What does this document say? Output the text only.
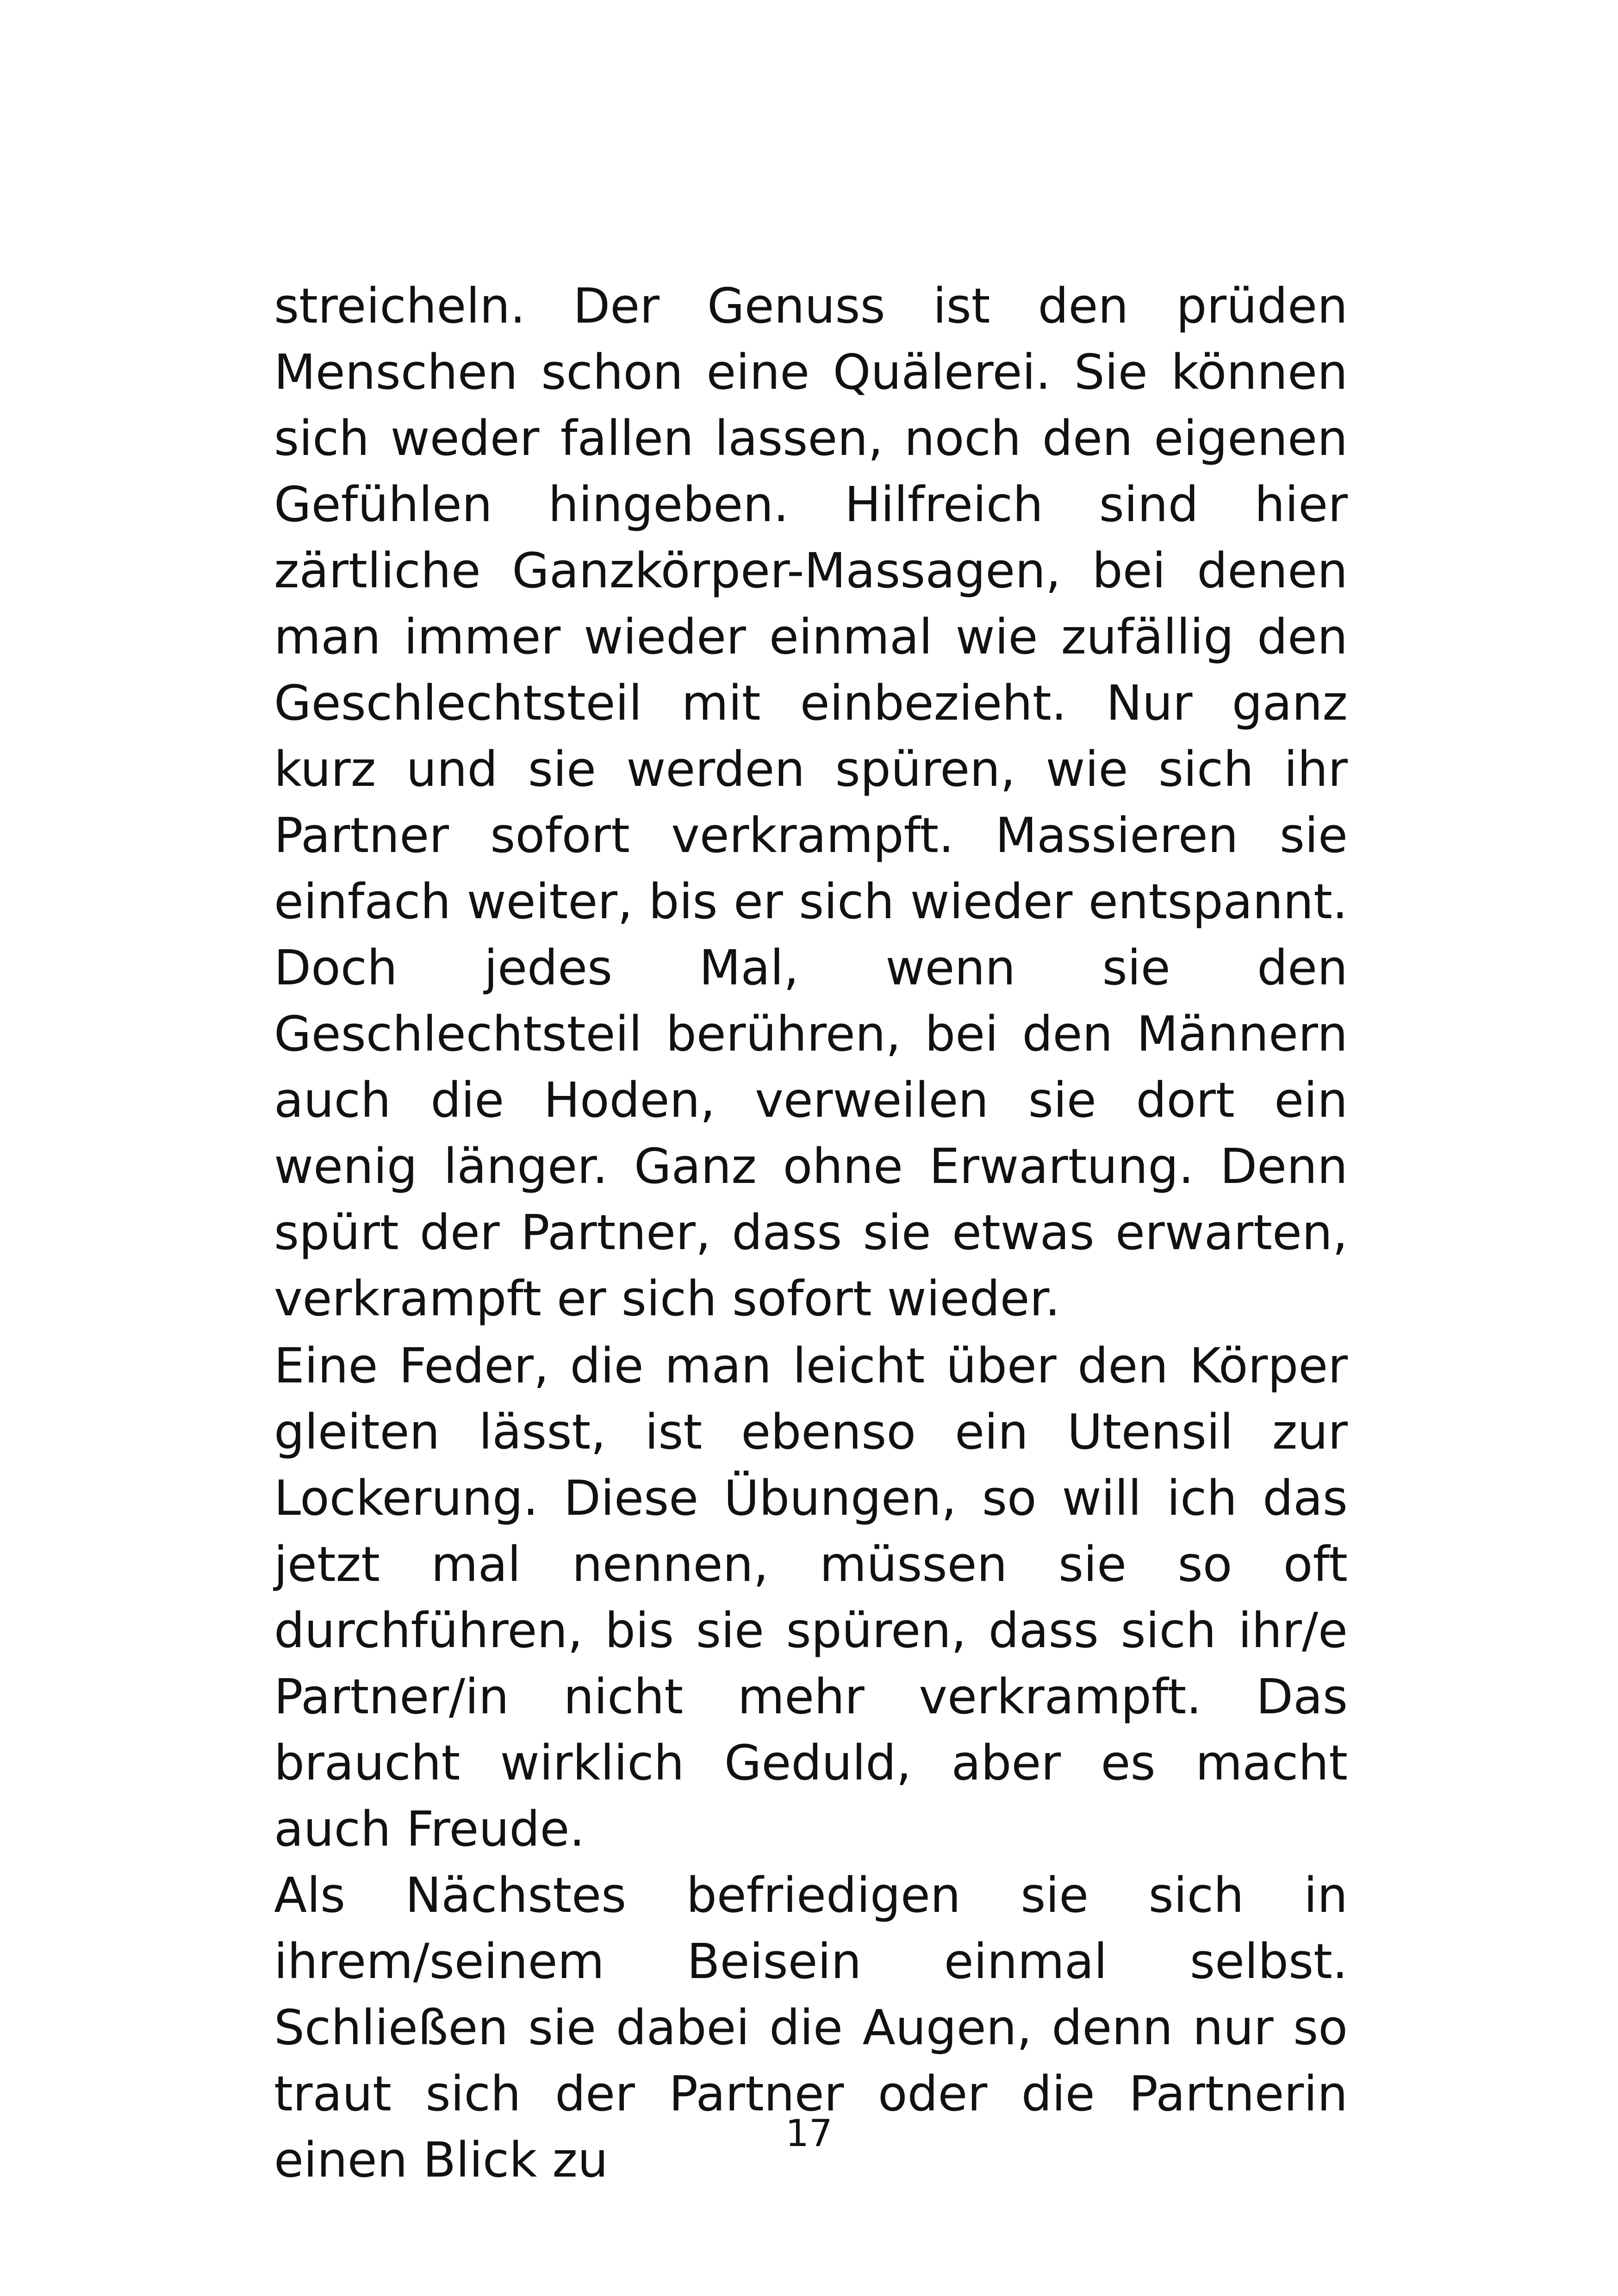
streicheln. Der Genuss ist den prüden Menschen schon eine Quälerei. Sie können sich weder fallen lassen, noch den eigenen Gefühlen hingeben. Hilfreich sind hier zärtliche Ganzkörper-Massagen, bei denen man immer wieder einmal wie zufällig den Geschlechtsteil mit einbezieht. Nur ganz kurz und sie werden spüren, wie sich ihr Partner sofort verkrampft. Massieren sie einfach weiter, bis er sich wieder entspannt. Doch jedes Mal, wenn sie den Geschlechtsteil berühren, bei den Männern auch die Hoden, verweilen sie dort ein wenig länger. Ganz ohne Erwartung. Denn spürt der Partner, dass sie etwas erwarten, verkrampft er sich sofort wieder.

Eine Feder, die man leicht über den Körper gleiten lässt, ist ebenso ein Utensil zur Lockerung. Diese Übungen, so will ich das jetzt mal nennen, müssen sie so oft durchführen, bis sie spüren, dass sich ihr/e Partner/in nicht mehr verkrampft. Das braucht wirklich Geduld, aber es macht auch Freude.

Als Nächstes befriedigen sie sich in ihrem/seinem Beisein einmal selbst. Schließen sie dabei die Augen, denn nur so traut sich der Partner oder die Partnerin einen Blick zu	17
